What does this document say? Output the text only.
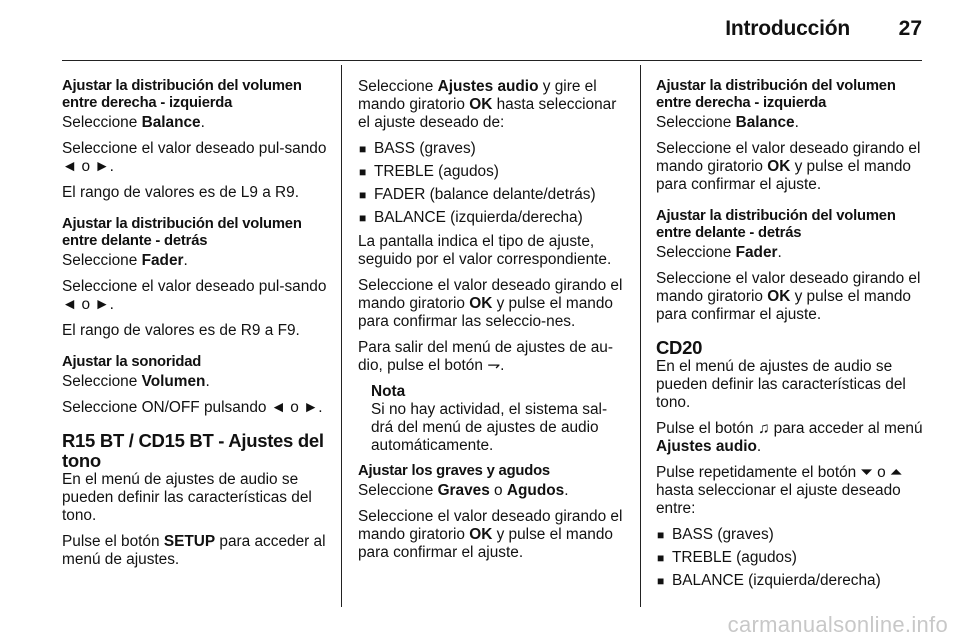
Introducción	27
Ajustar la distribución del volumen entre derecha - izquierda

Seleccione Balance.

Seleccione el valor deseado pul-sando ◄ o ►.

El rango de valores es de L9 a R9.

Ajustar la distribución del volumen entre delante - detrás

Seleccione Fader.

Seleccione el valor deseado pul-sando ◄ o ►.

El rango de valores es de R9 a F9.

Ajustar la sonoridad

Seleccione Volumen.

Seleccione ON/OFF pulsando ◄ o ►.

R15 BT / CD15 BT - Ajustes del tono

En el menú de ajustes de audio se pueden definir las características del tono.

Pulse el botón SETUP para acceder al menú de ajustes.

Seleccione Ajustes audio y gire el mando giratorio OK hasta seleccionar el ajuste deseado de:

■ BASS (graves)
■ TREBLE (agudos)
■ FADER (balance delante/detrás)
■ BALANCE (izquierda/derecha)

La pantalla indica el tipo de ajuste, seguido por el valor correspondiente.

Seleccione el valor deseado girando el mando giratorio OK y pulse el mando para confirmar las seleccio-nes.

Para salir del menú de ajustes de au-dio, pulse el botón ⇁.

Nota
Si no hay actividad, el sistema sal-drá del menú de ajustes de audio automáticamente.
Ajustar los graves y agudos

Seleccione Graves o Agudos.

Seleccione el valor deseado girando el mando giratorio OK y pulse el mando para confirmar el ajuste.

Ajustar la distribución del volumen entre derecha - izquierda

Seleccione Balance.

Seleccione el valor deseado girando el mando giratorio OK y pulse el mando para confirmar el ajuste.

Ajustar la distribución del volumen entre delante - detrás

Seleccione Fader.

Seleccione el valor deseado girando el mando giratorio OK y pulse el mando para confirmar el ajuste.

CD20

En el menú de ajustes de audio se pueden definir las características del tono.

Pulse el botón ♫ para acceder al menú Ajustes audio.

Pulse repetidamente el botón ⏷ o ⏶ hasta seleccionar el ajuste deseado entre:

■ BASS (graves)
■ TREBLE (agudos)
■ BALANCE (izquierda/derecha)
carmanualsonline.info
